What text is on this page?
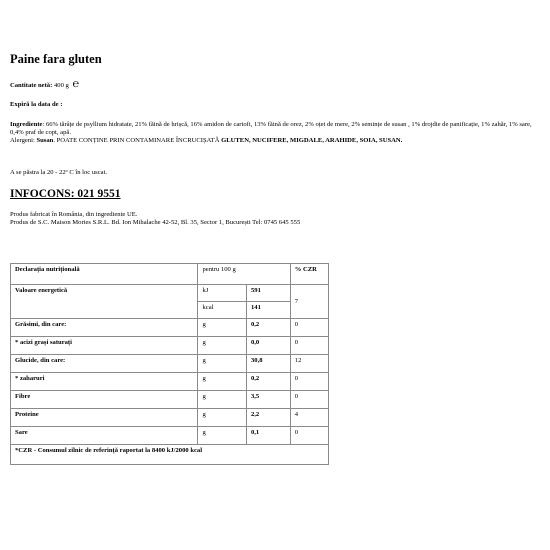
Paine fara gluten
Cantitate netă: 400 g ℮
Expiră la data de :
Ingrediente: 66% tărâțe de psyllium hidratate, 21% făină de hrișcă, 16% amidon de cartofi, 13% făină de orez, 2% oțet de mere, 2% semințe de susan , 1% drojdie de panificație, 1% zahăr, 1% sare, 0,4% praf de copt, apă.
Alergeni: Susan. POATE CONȚINE PRIN CONTAMINARE ÎNCRUCIȘATĂ GLUTEN, NUCIFERE, MIGDALE, ARAHIDE, SOIA, SUSAN.
A se păstra la 20 - 22º C în loc uscat.
INFOCONS: 021 9551
Produs fabricat în România, din ingrediente UE.
Produs de S.C. Maison Mories S.R.L. Bd. Ion Mihalache 42-52, Bl. 35, Sector 1, București Tel: 0745 645 555
Declarația nutrițională	pentru 100 g		% CZR
Valoare energetică	kJ	591	7
	kcal	141	
Grăsimi, din care:	g	0,2	0
* acizi grași saturați	g	0,0	0
Glucide, din care:	g	30,8	12
* zaharuri	g	0,2	0
Fibre	g	3,5	0
Proteine	g	2,2	4
Sare	g	0,1	0
*CZR - Consumul zilnic de referință raportat la 8400 kJ/2000 kcal			
